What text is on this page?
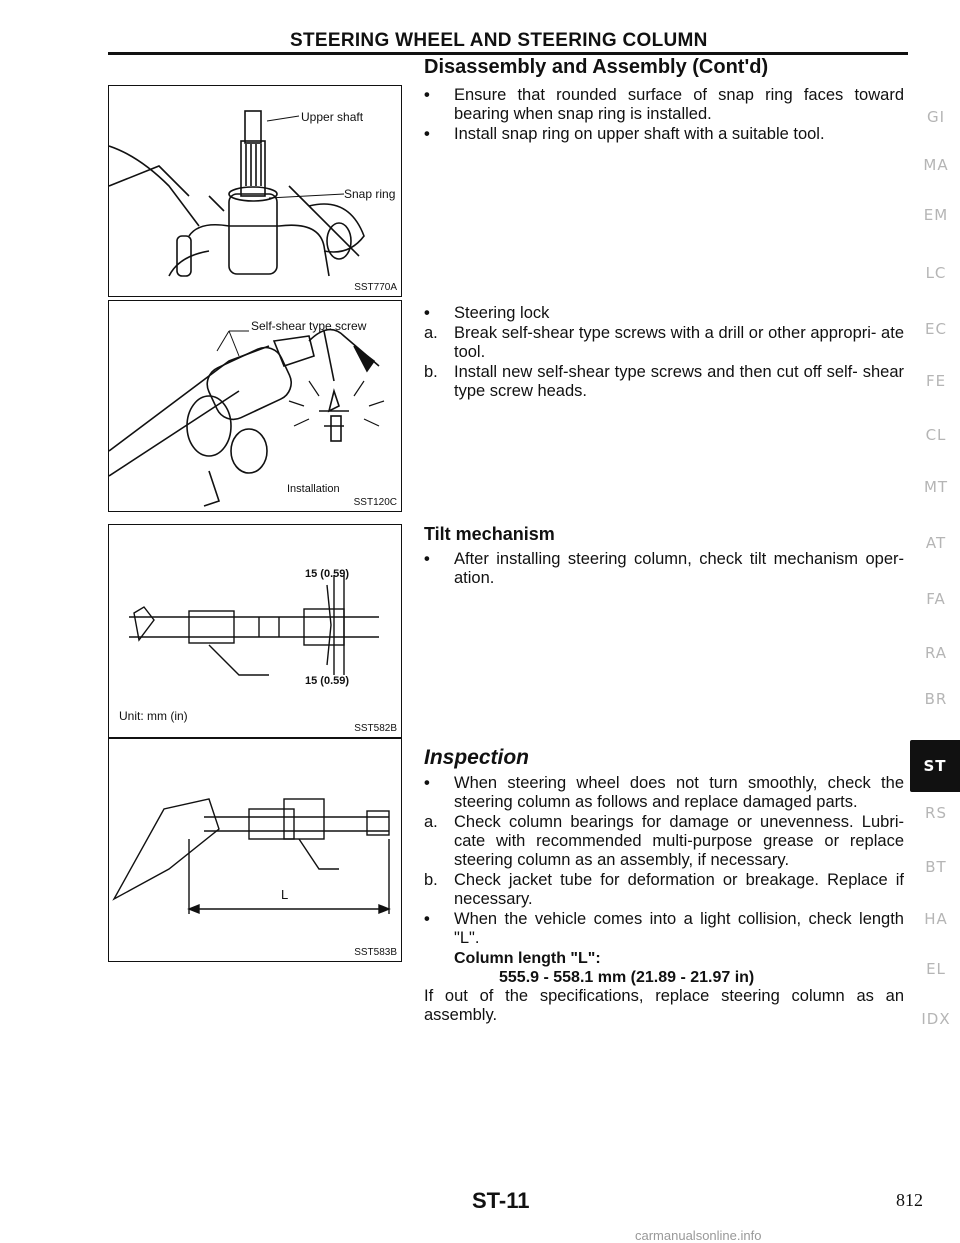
STEERING WHEEL AND STEERING COLUMN
Upper shaft
Snap ring
SST770A
Self-shear type screw
Installation
SST120C
15 (0.59)
15 (0.59)
Unit: mm (in)
SST582B
L
SST583B
Disassembly and Assembly (Cont'd)
• Ensure that rounded surface of snap ring faces toward bearing when snap ring is installed.
• Install snap ring on upper shaft with a suitable tool.
• Steering lock
a. Break self-shear type screws with a drill or other appropri- ate tool.
b. Install new self-shear type screws and then cut off self- shear type screw heads.
Tilt mechanism
• After installing steering column, check tilt mechanism oper- ation.
Inspection
• When steering wheel does not turn smoothly, check the steering column as follows and replace damaged parts.
a. Check column bearings for damage or unevenness. Lubri- cate with recommended multi-purpose grease or replace steering column as an assembly, if necessary.
b. Check jacket tube for deformation or breakage. Replace if necessary.
• When the vehicle comes into a light collision, check length "L".
Column length "L":
555.9 - 558.1 mm (21.89 - 21.97 in)
If out of the specifications, replace steering column as an assembly.
GI
MA
EM
LC
EC
FE
CL
MT
AT
FA
RA
BR
ST
RS
BT
HA
EL
IDX
ST-11	812
carmanualsonline.info
